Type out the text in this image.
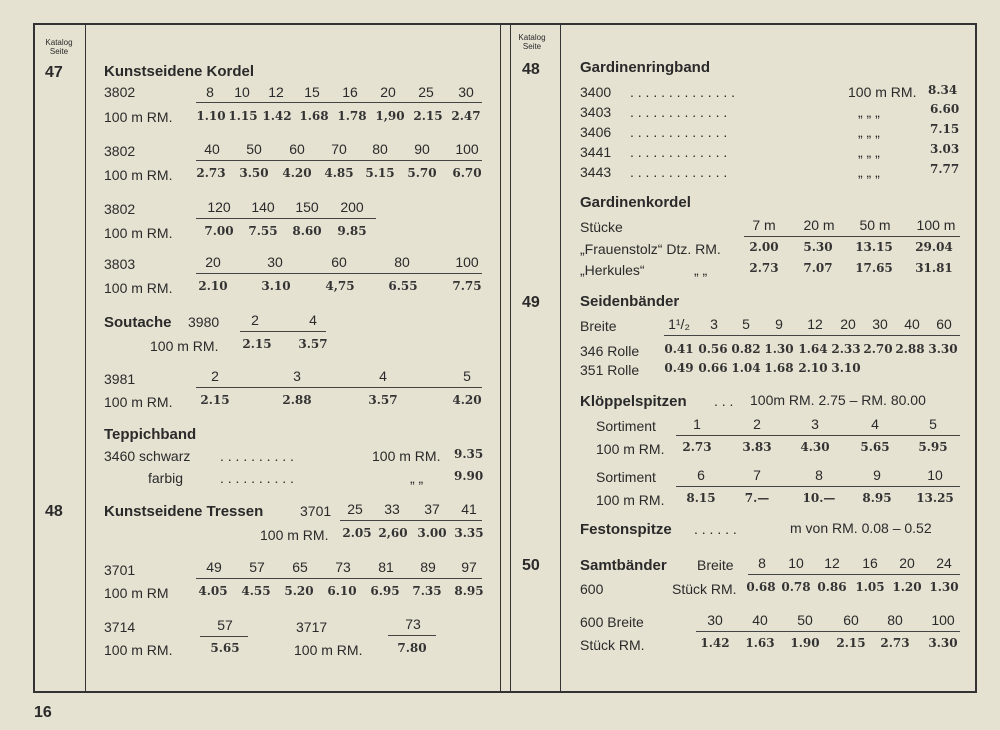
Katalog Seite
47
48
Kunstseidene Kordel
3802	8	10	12	15	16	20	25	30
100 m RM. 1.10 1.15 1.42 1.68 1.78 1,90 2.15 2.47
3802	40	50	60	70	80	90	100
100 m RM. 2.73 3.50 4.20 4.85 5.15 5.70 6.70
3802	120	140	150	200
100 m RM.	7.00	7.55	8.60	9.85
3803	20	30	60	80	100
100 m RM.	2.10	3.10	4,75	6.55	7.75
Soutache 3980	2	4
100 m RM.	2.15	3.57
3981	2	3	4	5
100 m RM.	2.15	2.88	3.57	4.20
Teppichband
3460 schwarz . . . . . . . . . .	100 m RM. 9.35
farbig	. . . . . . . . . .	„ „	9.90
Kunstseidene Tressen	3701	25	33	37	41
100 m RM. 2.05 2,60 3.00 3.35
3701	49	57	65	73	81	89	97
100 m RM 4.05 4.55 5.20 6.10 6.95 7.35 8.95
3714	57
100 m RM.	5.65
3717	73
100 m RM.	7.80
Katalog Seite
48
49
50
Gardinenringband
3400 . . . . . . . . . . . . . .	100 m RM. 8.34
3403 . . . . . . . . . . . . .	„ „ „	6.60
3406 . . . . . . . . . . . . .	„ „ „	7.15
3441 . . . . . . . . . . . . .	„ „ „	3.03
3443 . . . . . . . . . . . . .	„ „ „	7.77
Gardinenkordel
Stücke	7 m	20 m	50 m	100 m
„Frauenstolz“ Dtz. RM.	2.00	5.30	13.15	29.04
„Herkules“	„ „	2.73	7.07	17.65	31.81
Seidenbänder
Breite	1¹/₂	3	5	9	12	20	30	40	60
346 Rolle 0.41 0.56 0.82 1.30 1.64 2.33 2.70 2.88 3.30
351 Rolle 0.49 0.66 1.04 1.68 2.10 3.10
Klöppelspitzen . . . 100m RM. 2.75 – RM. 80.00
Sortiment	1	2	3	4	5
100 m RM.	2.73	3.83	4.30	5.65	5.95
Sortiment	6	7	8	9	10
100 m RM.	8.15	7.—	10.—	8.95	13.25
Festonspitze . . . . . .	m von RM. 0.08 – 0.52
Samtbänder Breite	8	10	12	16	20	24
600	Stück RM. 0.68 0.78 0.86 1.05 1.20 1.30
600 Breite	30	40	50	60	80	100
Stück RM.	1.42 1.63 1.90 2.15 2.73 3.30
16
